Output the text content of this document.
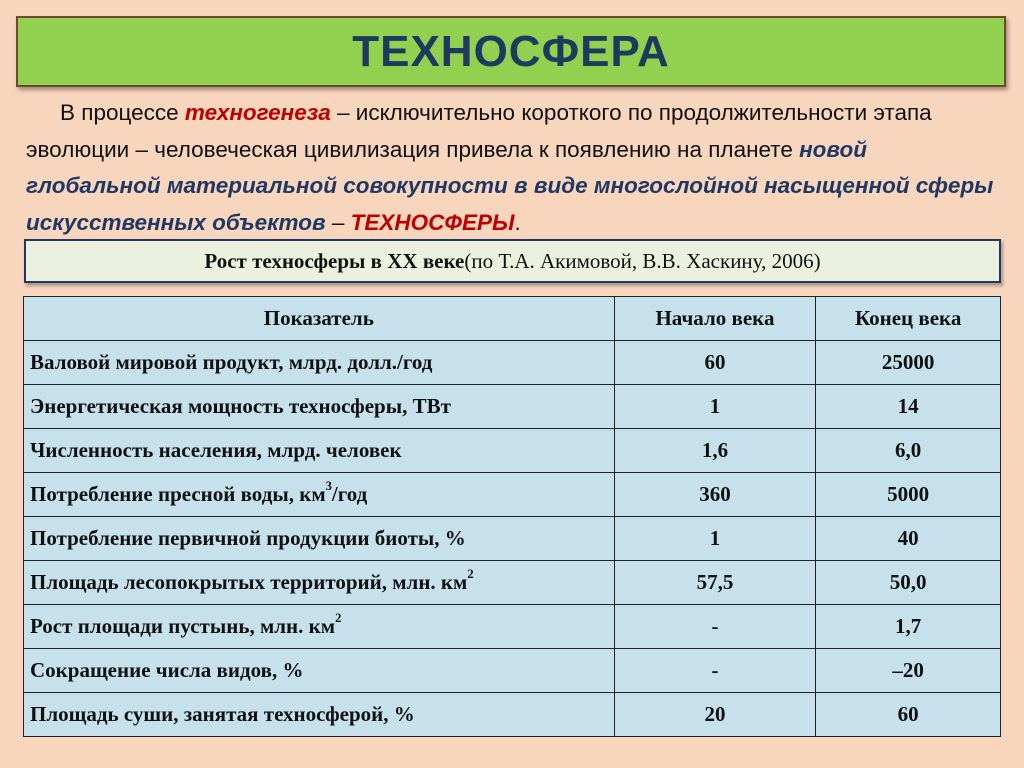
ТЕХНОСФЕРА
В процессе техногенеза – исключительно короткого по продолжительности этапа эволюции – человеческая цивилизация привела к появлению на планете новой глобальной материальной совокупности в виде многослойной насыщенной сферы искусственных объектов – ТЕХНОСФЕРЫ.
Рост техносферы в XX веке (по Т.А. Акимовой, В.В. Хаскину, 2006)
Показатель	Начало века	Конец века
Валовой мировой продукт, млрд. долл./год	60	25000
Энергетическая мощность техносферы, ТВт	1	14
Численность населения, млрд. человек	1,6	6,0
Потребление пресной воды, $км^3$/год	360	5000
Потребление первичной продукции биоты, %	1	40
Площадь лесопокрытых территорий, млн. $км^2$	57,5	50,0
Рост площади пустынь, млн. $км^2$	-	1,7
Сокращение числа видов, %	-	–20
Площадь суши, занятая техносферой, %	20	60
